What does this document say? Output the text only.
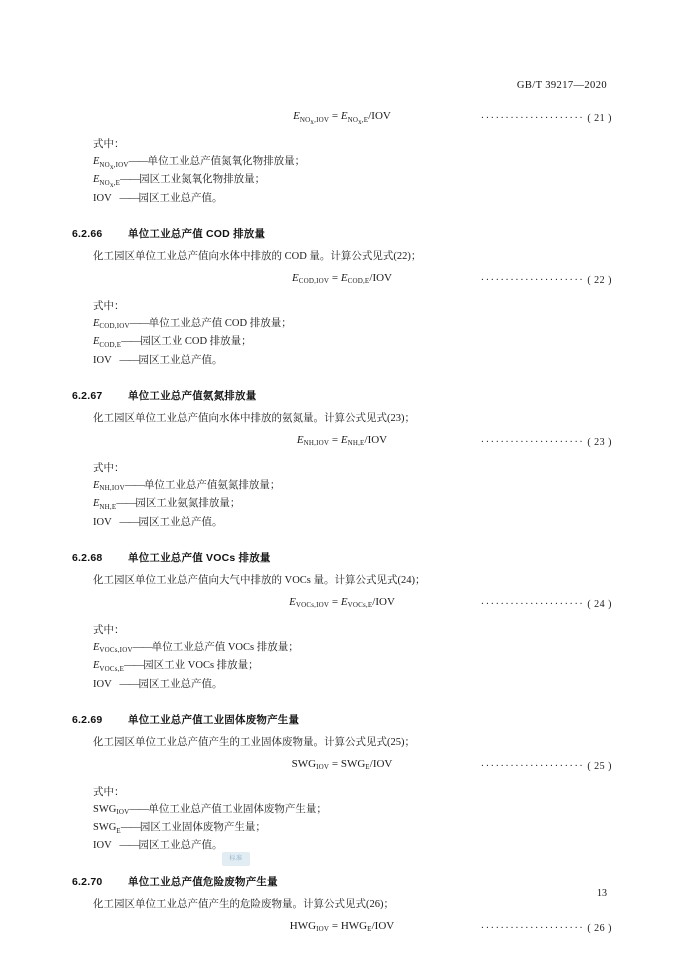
GB/T 39217—2020
$E_{NO_x,IOV} = E_{NO_x,E}/IOV$	····················· ( 21 )
式中：
$E_{NO_x,IOV}——$单位工业总产值氮氧化物排放量；
$E_{NO_x,E}——$园区工业氮氧化物排放量；
IOV ——园区工业总产值。
6.2.66 单位工业总产值 COD 排放量
化工园区单位工业总产值向水体中排放的 COD 量。计算公式见式(22)；
$E_{COD,IOV} = E_{COD,E}/IOV$	····················· ( 22 )
式中：
$E_{COD,IOV}——$单位工业总产值 COD 排放量；
$E_{COD,E}——$园区工业 COD 排放量；
IOV ——园区工业总产值。
6.2.67 单位工业总产值氨氮排放量
化工园区单位工业总产值向水体中排放的氨氮量。计算公式见式(23)；
$E_{NH,IOV} = E_{NH,E}/IOV$	····················· ( 23 )
式中：
$E_{NH,IOV}——$单位工业总产值氨氮排放量；
$E_{NH,E}——$园区工业氨氮排放量；
IOV ——园区工业总产值。
6.2.68 单位工业总产值 VOCs 排放量
化工园区单位工业总产值向大气中排放的 VOCs 量。计算公式见式(24)；
$E_{VOCs,IOV} = E_{VOCs,E}/IOV$	····················· ( 24 )
式中：
$E_{VOCs,IOV}——$单位工业总产值 VOCs 排放量；
$E_{VOCs,E}——$园区工业 VOCs 排放量；
IOV ——园区工业总产值。
6.2.69 单位工业总产值工业固体废物产生量
化工园区单位工业总产值产生的工业固体废物量。计算公式见式(25)；
$SWG_{IOV} = SWG_E/IOV$	····················· ( 25 )
式中：
$SWG_{IOV}——$单位工业总产值工业固体废物产生量；
$SWG_E——$园区工业固体废物产生量；
IOV ——园区工业总产值。
6.2.70 单位工业总产值危险废物产生量
化工园区单位工业总产值产生的危险废物量。计算公式见式(26)；
$HWG_{IOV} = HWG_E/IOV$	····················· ( 26 )
标准
13
